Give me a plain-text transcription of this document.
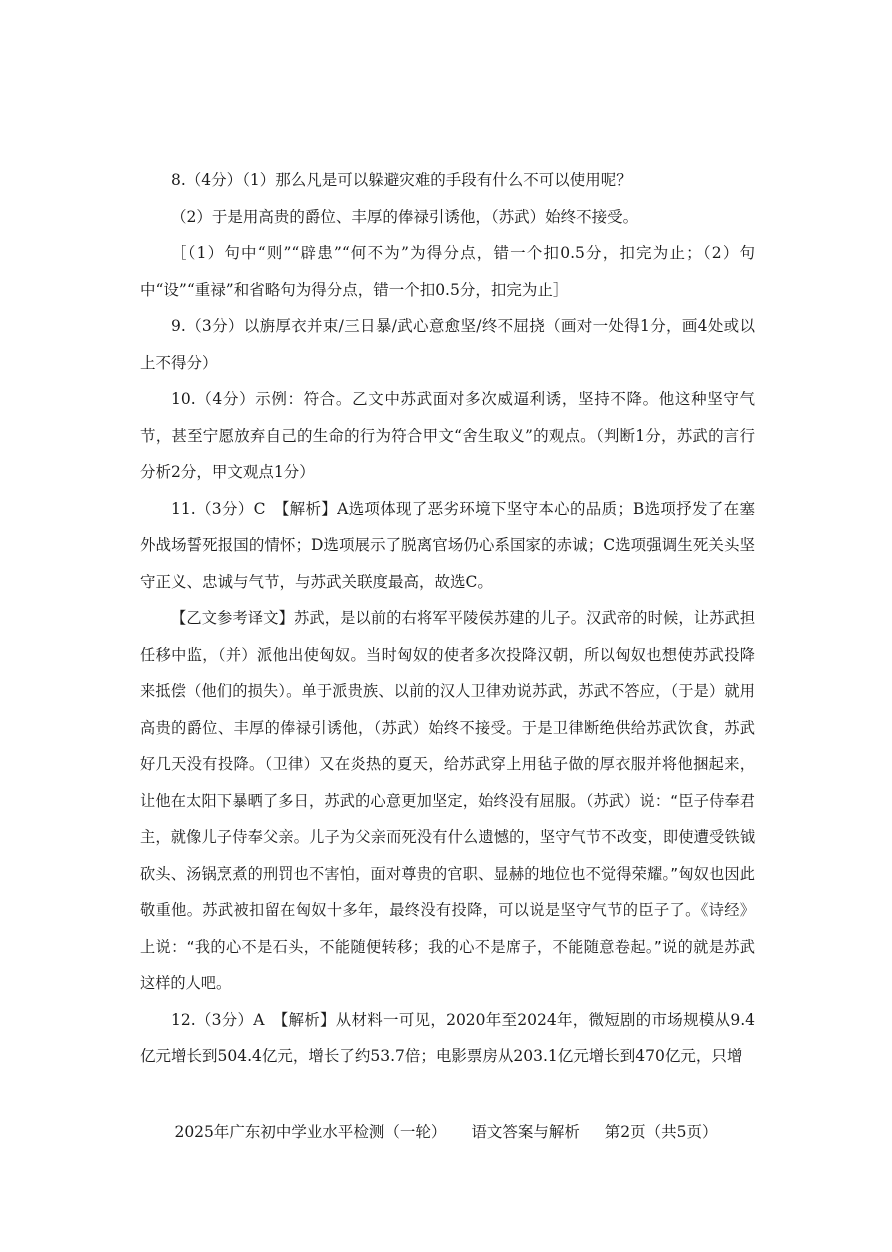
8.（4分）（1）那么凡是可以躲避灾难的手段有什么不可以使用呢？

（2）于是用高贵的爵位、丰厚的俸禄引诱他，（苏武）始终不接受。

［（1）句中“则”“辟患”“何不为”为得分点，错一个扣0.5分，扣完为止；（2）句中“设”“重禄”和省略句为得分点，错一个扣0.5分，扣完为止］

9.（3分）以旃厚衣并束/三日暴/武心意愈坚/终不屈挠（画对一处得1分，画4处或以上不得分）

10.（4分）示例：符合。乙文中苏武面对多次威逼利诱，坚持不降。他这种坚守气节，甚至宁愿放弃自己的生命的行为符合甲文“舍生取义”的观点。（判断1分，苏武的言行分析2分，甲文观点1分）

11.（3分）C　【解析】A选项体现了恶劣环境下坚守本心的品质；B选项抒发了在塞外战场誓死报国的情怀；D选项展示了脱离官场仍心系国家的赤诚；C选项强调生死关头坚守正义、忠诚与气节，与苏武关联度最高，故选C。

【乙文参考译文】苏武，是以前的右将军平陵侯苏建的儿子。汉武帝的时候，让苏武担任移中监，（并）派他出使匈奴。当时匈奴的使者多次投降汉朝，所以匈奴也想使苏武投降来抵偿（他们的损失）。单于派贵族、以前的汉人卫律劝说苏武，苏武不答应，（于是）就用高贵的爵位、丰厚的俸禄引诱他，（苏武）始终不接受。于是卫律断绝供给苏武饮食，苏武好几天没有投降。（卫律）又在炎热的夏天，给苏武穿上用毡子做的厚衣服并将他捆起来，让他在太阳下暴晒了多日，苏武的心意更加坚定，始终没有屈服。（苏武）说：“臣子侍奉君主，就像儿子侍奉父亲。儿子为父亲而死没有什么遗憾的，坚守气节不改变，即使遭受铁钺砍头、汤锅烹煮的刑罚也不害怕，面对尊贵的官职、显赫的地位也不觉得荣耀。”匈奴也因此敬重他。苏武被扣留在匈奴十多年，最终没有投降，可以说是坚守气节的臣子了。《诗经》上说：“我的心不是石头，不能随便转移；我的心不是席子，不能随意卷起。”说的就是苏武这样的人吧。

12.（3分）A　【解析】从材料一可见，2020年至2024年，微短剧的市场规模从9.4亿元增长到504.4亿元，增长了约53.7倍；电影票房从203.1亿元增长到470亿元，只增

2025年广东初中学业水平检测（一轮） 语文答案与解析 第2页（共5页）
